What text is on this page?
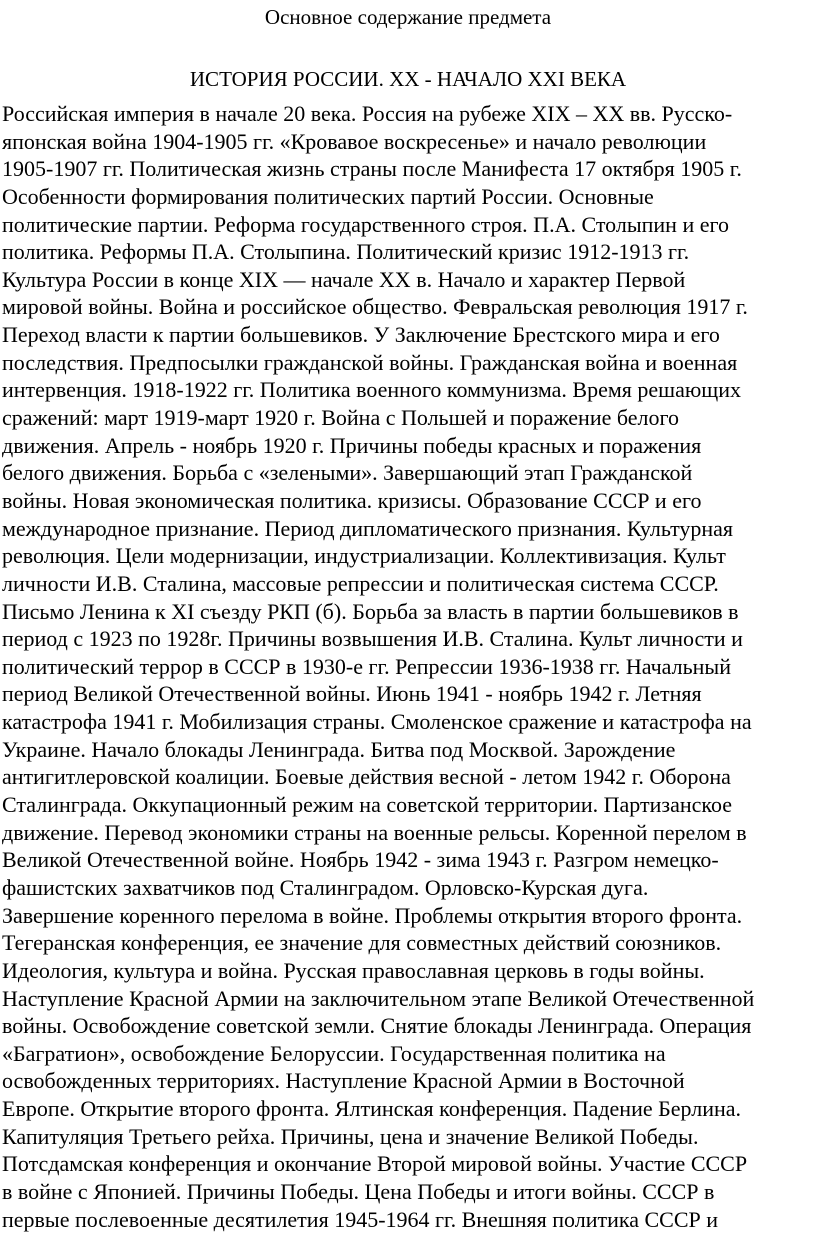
Основное содержание предмета

ИСТОРИЯ РОССИИ. XX - НАЧАЛО XXI ВЕКА

Российская империя в начале 20 века. Россия на рубеже XIX – XX вв. Русско-
японская война 1904-1905 гг. «Кровавое воскресенье» и начало революции
1905-1907 гг. Политическая жизнь страны после Манифеста 17 октября 1905 г.
Особенности формирования политических партий России. Основные
политические партии. Реформа государственного строя. П.А. Столыпин и его
политика. Реформы П.А. Столыпина. Политический кризис 1912-1913 гг.
Культура России в конце XIX — начале XX в. Начало и характер Первой
мировой войны. Война и российское общество. Февральская революция 1917 г.
Переход власти к партии большевиков. У Заключение Брестского мира и его
последствия. Предпосылки гражданской войны. Гражданская война и военная
интервенция. 1918-1922 гг. Политика военного коммунизма. Время решающих
сражений: март 1919-март 1920 г. Война с Польшей и поражение белого
движения. Апрель - ноябрь 1920 г. Причины победы красных и поражения
белого движения. Борьба с «зелеными». Завершающий этап Гражданской
войны. Новая экономическая политика. кризисы. Образование СССР и его
международное признание. Период дипломатического признания. Культурная
революция. Цели модернизации, индустриализации. Коллективизация. Культ
личности И.В. Сталина, массовые репрессии и политическая система СССР.
Письмо Ленина к XI съезду РКП (б). Борьба за власть в партии большевиков в
период с 1923 по 1928г. Причины возвышения И.В. Сталина. Культ личности и
политический террор в СССР в 1930-е гг. Репрессии 1936-1938 гг. Начальный
период Великой Отечественной войны. Июнь 1941 - ноябрь 1942 г. Летняя
катастрофа 1941 г. Мобилизация страны. Смоленское сражение и катастрофа на
Украине. Начало блокады Ленинграда. Битва под Москвой. Зарождение
антигитлеровской коалиции. Боевые действия весной - летом 1942 г. Оборона
Сталинграда. Оккупационный режим на советской территории. Партизанское
движение. Перевод экономики страны на военные рельсы. Коренной перелом в
Великой Отечественной войне. Ноябрь 1942 - зима 1943 г. Разгром немецко-
фашистских захватчиков под Сталинградом. Орловско-Курская дуга.
Завершение коренного перелома в войне. Проблемы открытия второго фронта.
Тегеранская конференция, ее значение для совместных действий союзников.
Идеология, культура и война. Русская православная церковь в годы войны.
Наступление Красной Армии на заключительном этапе Великой Отечественной
войны. Освобождение советской земли. Снятие блокады Ленинграда. Операция
«Багратион», освобождение Белоруссии. Государственная политика на
освобожденных территориях. Наступление Красной Армии в Восточной
Европе. Открытие второго фронта. Ялтинская конференция. Падение Берлина.
Капитуляция Третьего рейха. Причины, цена и значение Великой Победы.
Потсдамская конференция и окончание Второй мировой войны. Участие СССР
в войне с Японией. Причины Победы. Цена Победы и итоги войны. СССР в
первые послевоенные десятилетия 1945-1964 гг. Внешняя политика СССР и
